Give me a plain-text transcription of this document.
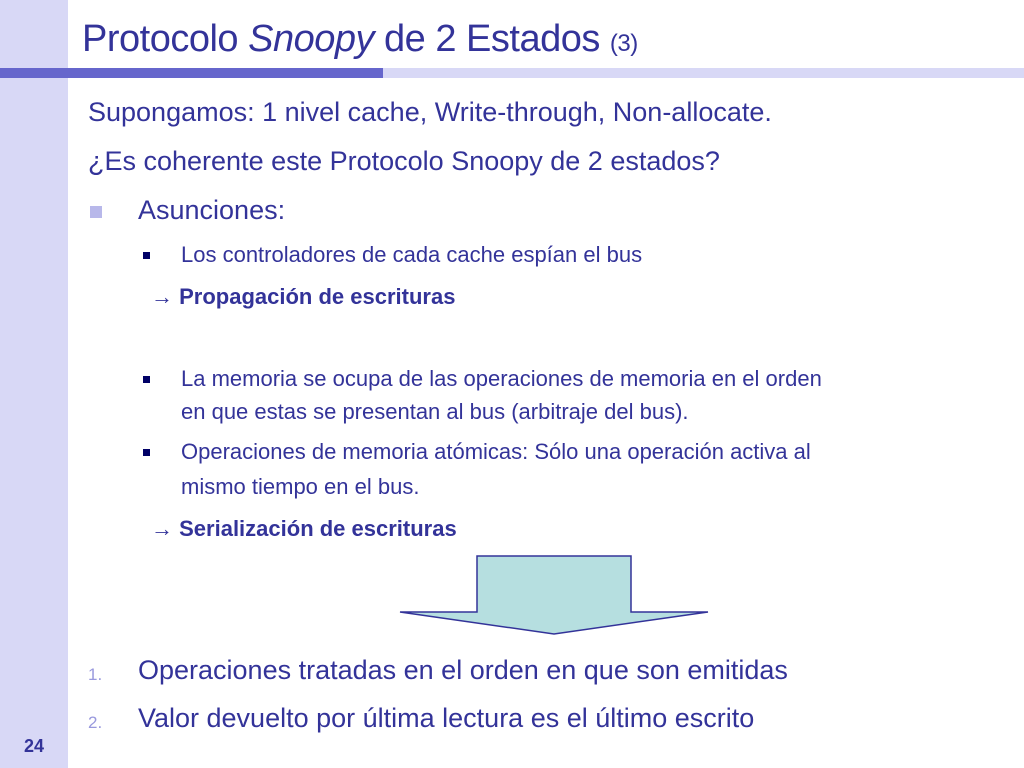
Protocolo Snoopy de 2 Estados (3)
Supongamos: 1 nivel cache, Write-through, Non-allocate.
¿Es coherente este Protocolo Snoopy de 2 estados?
Asunciones:
Los controladores de cada cache espían el bus
→ Propagación de escrituras
La memoria se ocupa de las operaciones de memoria en el orden
en que estas se presentan al bus (arbitraje del bus).
Operaciones de memoria atómicas: Sólo una operación activa al
mismo tiempo en el bus.
→ Serialización de escrituras
1. Operaciones tratadas en el orden en que son emitidas
2. Valor devuelto por última lectura es el último escrito
24
